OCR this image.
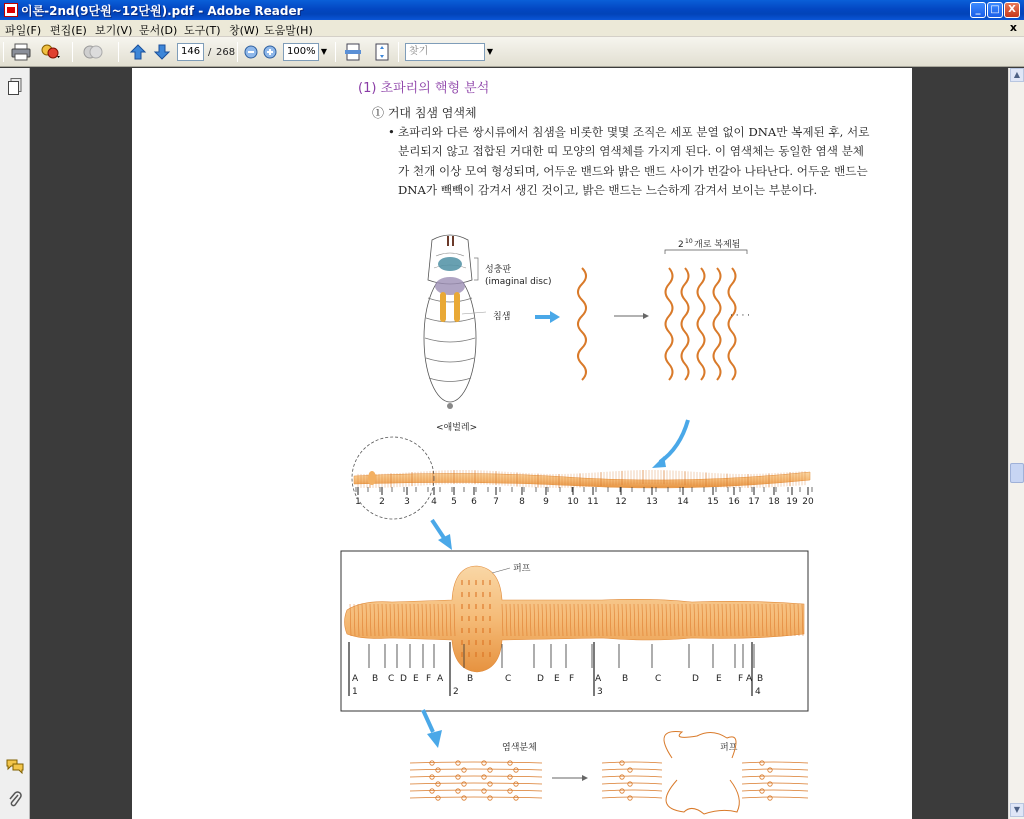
이론-2nd(9단원~12단원).pdf - Adobe Reader	_ □ X
파일(F) 편집(E) 보기(V) 문서(D) 도구(T) 창(W) 도움말(H)	x
146 / 268	100% ▼	찾기	▼
(1) 초파리의 핵형 분석
① 거대 침샘 염색체
• 초파리와 다른 쌍시류에서 침샘을 비롯한 몇몇 조직은 세포 분열 없이 DNA만 복제된 후, 서로
분리되지 않고 접합된 거대한 띠 모양의 염색체를 가지게 된다. 이 염색체는 동일한 염색 분체
가 천개 이상 모여 형성되며, 어두운 밴드와 밝은 밴드 사이가 번갈아 나타난다. 어두운 밴드는
DNA가 빽빽이 감겨서 생긴 것이고, 밝은 밴드는 느슨하게 감겨서 보이는 부분이다.
성충판
(imaginal disc)
침샘
<애벌레>
· · · ·
2 10 개로 복제됨
1 2 3 4 5 6 7 8 9 10 11 12 13 14 15 16 17 18 19 20
퍼프
A B C D E F A	B	C	D E F A B	C	D E F A B
1	2	3	4
염색분체	퍼프
▲
▼
